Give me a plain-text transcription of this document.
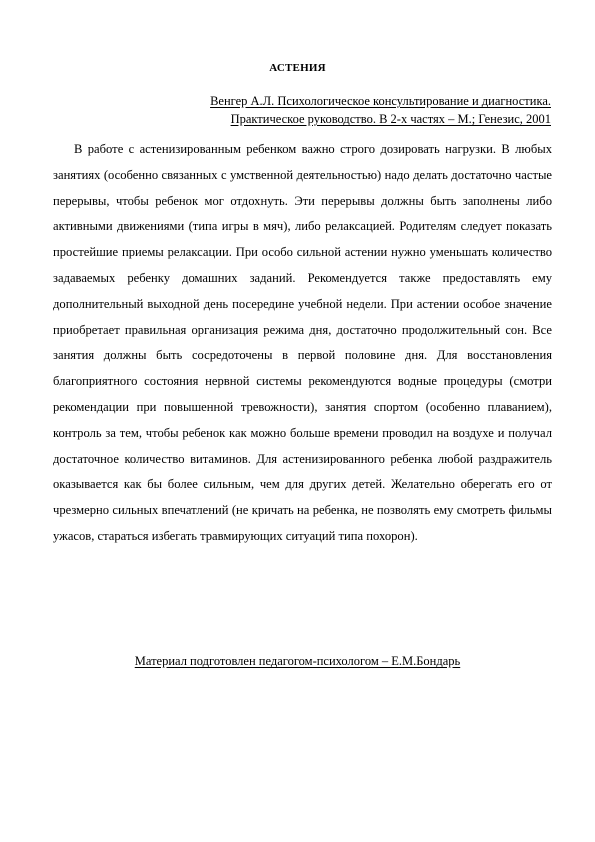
АСТЕНИЯ
Венгер А.Л. Психологическое консультирование и диагностика.
Практическое руководство. В 2-х частях – М.; Генезис, 2001

В работе с астенизированным ребенком важно строго дозировать нагрузки. В любых занятиях (особенно связанных с умственной деятельностью) надо делать достаточно частые перерывы, чтобы ребенок мог отдохнуть. Эти перерывы должны быть заполнены либо активными движениями (типа игры в мяч), либо релаксацией. Родителям следует показать простейшие приемы релаксации. При особо сильной астении нужно уменьшать количество задаваемых ребенку домашних заданий. Рекомендуется также предоставлять ему дополнительный выходной день посередине учебной недели. При астении особое значение приобретает правильная организация режима дня, достаточно продолжительный сон. Все занятия должны быть сосредоточены в первой половине дня. Для восстановления благоприятного состояния нервной системы рекомендуются водные процедуры (смотри рекомендации при повышенной тревожности), занятия спортом (особенно плаванием), контроль за тем, чтобы ребенок как можно больше времени проводил на воздухе и получал достаточное количество витаминов. Для астенизированного ребенка любой раздражитель оказывается как бы более сильным, чем для других детей. Желательно оберегать его от чрезмерно сильных впечатлений (не кричать на ребенка, не позволять ему смотреть фильмы ужасов, стараться избегать травмирующих ситуаций типа похорон).

Материал подготовлен педагогом-психологом – Е.М.Бондарь
